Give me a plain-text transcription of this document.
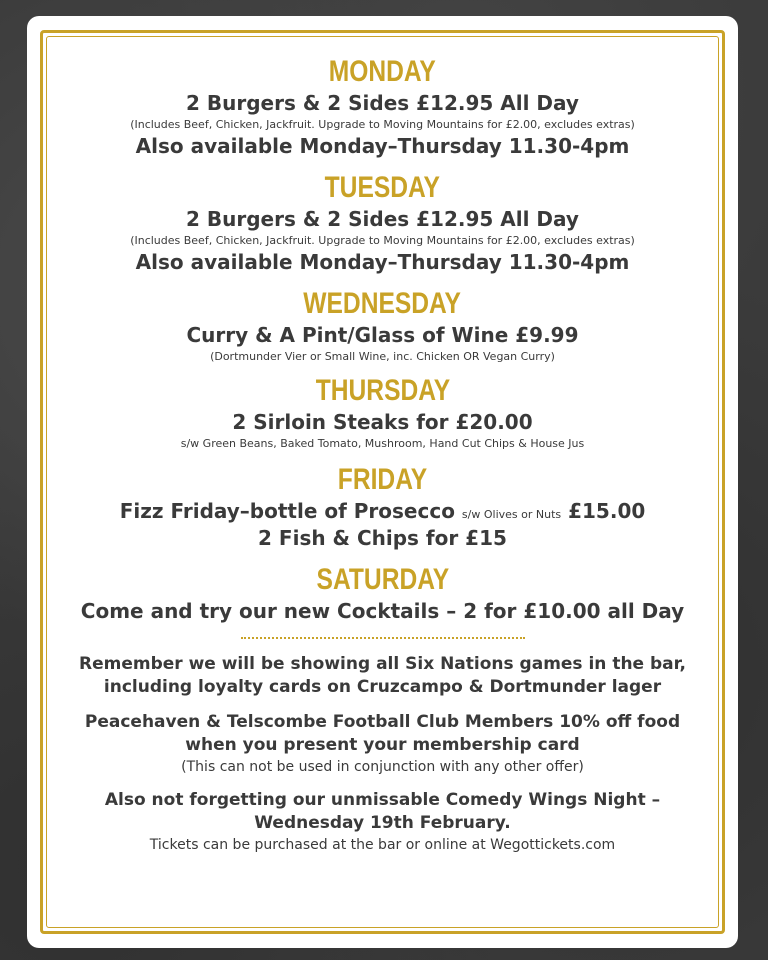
MONDAY
2 Burgers & 2 Sides £12.95 All Day
(Includes Beef, Chicken, Jackfruit. Upgrade to Moving Mountains for £2.00, excludes extras)
Also available Monday–Thursday 11.30-4pm
TUESDAY
2 Burgers & 2 Sides £12.95 All Day
(Includes Beef, Chicken, Jackfruit. Upgrade to Moving Mountains for £2.00, excludes extras)
Also available Monday–Thursday 11.30-4pm
WEDNESDAY
Curry & A Pint/Glass of Wine £9.99
(Dortmunder Vier or Small Wine, inc. Chicken OR Vegan Curry)
THURSDAY
2 Sirloin Steaks for £20.00
s/w Green Beans, Baked Tomato, Mushroom, Hand Cut Chips & House Jus
FRIDAY
Fizz Friday–bottle of Prosecco s/w Olives or Nuts £15.00
2 Fish & Chips for £15
SATURDAY
Come and try our new Cocktails – 2 for £10.00 all Day
Remember we will be showing all Six Nations games in the bar,
including loyalty cards on Cruzcampo & Dortmunder lager
Peacehaven & Telscombe Football Club Members 10% off food
when you present your membership card
(This can not be used in conjunction with any other offer)
Also not forgetting our unmissable Comedy Wings Night –
Wednesday 19th February.
Tickets can be purchased at the bar or online at Wegottickets.com
